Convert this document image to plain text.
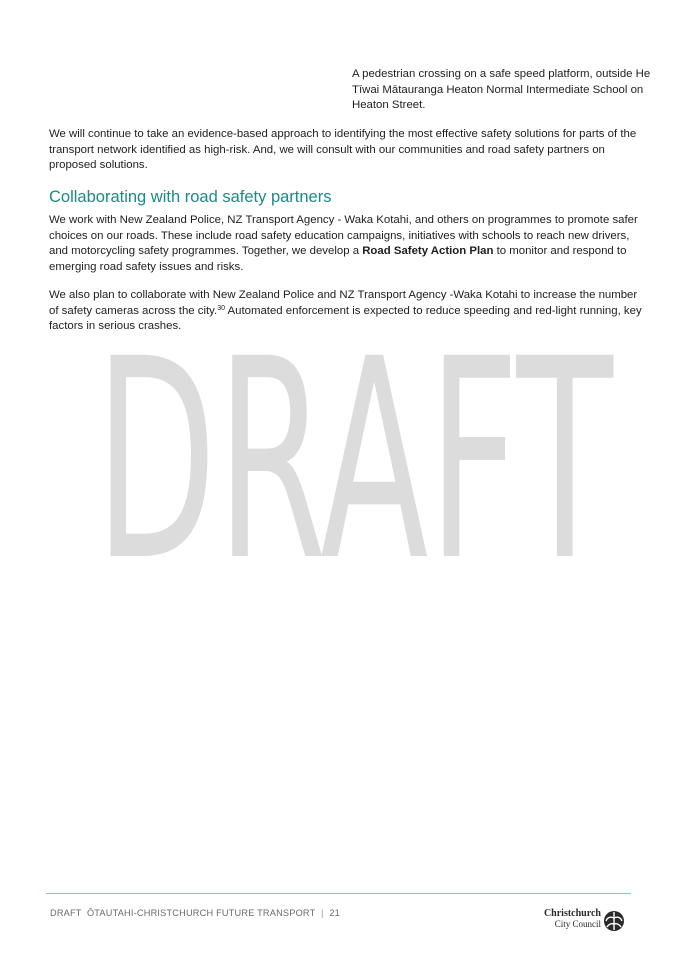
DRAFT
A pedestrian crossing on a safe speed platform, outside He Tīwai Mātauranga Heaton Normal Intermediate School on Heaton Street.

We will continue to take an evidence-based approach to identifying the most effective safety solutions for parts of the transport network identified as high-risk. And, we will consult with our communities and road safety partners on proposed solutions.

Collaborating with road safety partners

We work with New Zealand Police, NZ Transport Agency - Waka Kotahi, and others on programmes to promote safer choices on our roads. These include road safety education campaigns, initiatives with schools to reach new drivers, and motorcycling safety programmes. Together, we develop a Road Safety Action Plan to monitor and respond to emerging road safety issues and risks.

We also plan to collaborate with New Zealand Police and NZ Transport Agency -Waka Kotahi to increase the number of safety cameras across the city.$^{30}$ Automated enforcement is expected to reduce speeding and red-light running, key factors in serious crashes.

DRAFT  ŌTAUTAHI-CHRISTCHURCH FUTURE TRANSPORT | 21	Christchurch
City Council
